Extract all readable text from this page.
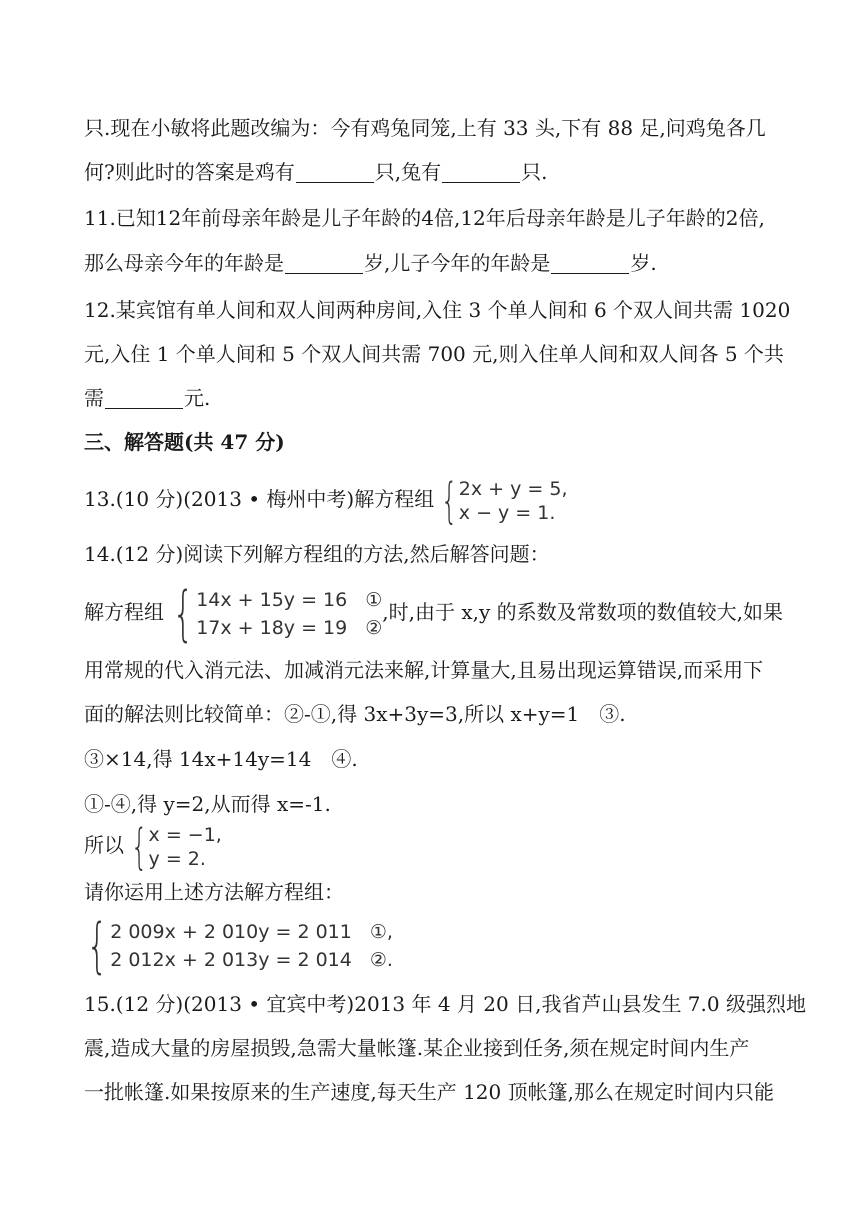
只.现在小敏将此题改编为：今有鸡兔同笼,上有 33 头,下有 88 足,问鸡兔各几
何?则此时的答案是鸡有	只,兔有	只.
11.已知12年前母亲年龄是儿子年龄的4倍,12年后母亲年龄是儿子年龄的2倍,
那么母亲今年的年龄是	岁,儿子今年的年龄是	岁.
12.某宾馆有单人间和双人间两种房间,入住 3 个单人间和 6 个双人间共需 1020
元,入住 1 个单人间和 5 个双人间共需 700 元,则入住单人间和双人间各 5 个共
需	元.
三、解答题(共 47 分)
13.(10 分)(2013 • 梅州中考)解方程组 { 2x + y = 5,
x − y = 1.
14.(12 分)阅读下列解方程组的方法,然后解答问题：
解方程组 { 14x + 15y = 16 ①
17x + 18y = 19 ②
,时,由于 x,y 的系数及常数项的数值较大,如果
用常规的代入消元法、加减消元法来解,计算量大,且易出现运算错误,而采用下
面的解法则比较简单：②-①,得 3x+3y=3,所以 x+y=1　③.
③×14,得 14x+14y=14　④.
①-④,得 y=2,从而得 x=-1.
所以 { x = −1,
y = 2.
请你运用上述方法解方程组：
{ 2 009x + 2 010y = 2 011 ①,
2 012x + 2 013y = 2 014 ②.
15.(12 分)(2013 • 宜宾中考)2013 年 4 月 20 日,我省芦山县发生 7.0 级强烈地
震,造成大量的房屋损毁,急需大量帐篷.某企业接到任务,须在规定时间内生产
一批帐篷.如果按原来的生产速度,每天生产 120 顶帐篷,那么在规定时间内只能
